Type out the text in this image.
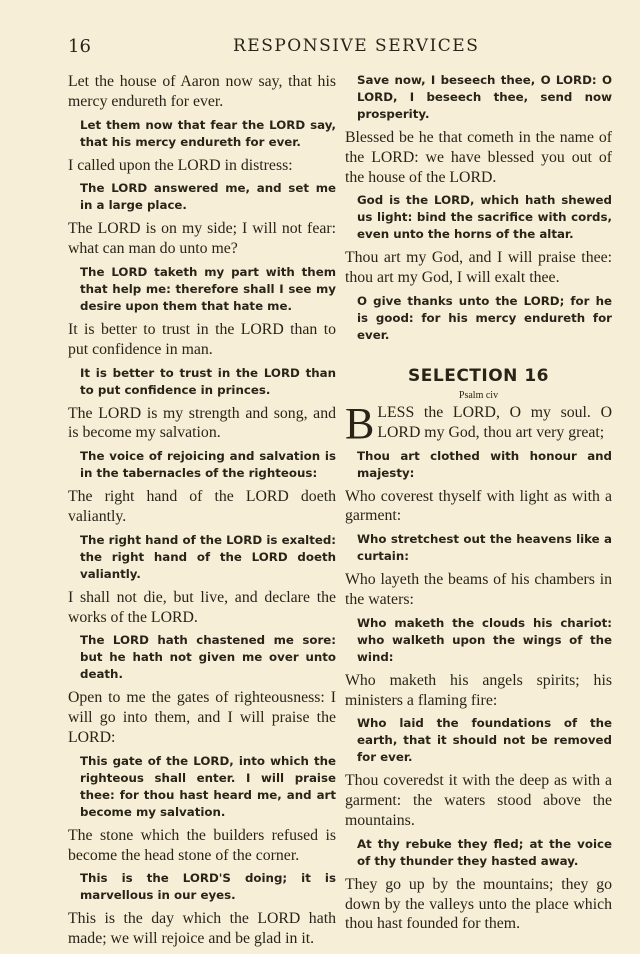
16	RESPONSIVE SERVICES

Let the house of Aaron now say, that his mercy endureth for ever.

Let them now that fear the LORD say, that his mercy endureth for ever.

I called upon the LORD in distress:

The LORD answered me, and set me in a large place.

The LORD is on my side; I will not fear: what can man do unto me?

The LORD taketh my part with them that help me: therefore shall I see my desire upon them that hate me.

It is better to trust in the LORD than to put confidence in man.

It is better to trust in the LORD than to put confidence in princes.

The LORD is my strength and song, and is become my salvation.

The voice of rejoicing and salvation is in the tabernacles of the righteous:

The right hand of the LORD doeth valiantly.

The right hand of the LORD is exalted: the right hand of the LORD doeth valiantly.

I shall not die, but live, and declare the works of the LORD.

The LORD hath chastened me sore: but he hath not given me over unto death.

Open to me the gates of righteousness: I will go into them, and I will praise the LORD:

This gate of the LORD, into which the righteous shall enter. I will praise thee: for thou hast heard me, and art become my salvation.

The stone which the builders refused is become the head stone of the corner.

This is the LORD'S doing; it is marvellous in our eyes.

This is the day which the LORD hath made; we will rejoice and be glad in it.

Save now, I beseech thee, O LORD: O LORD, I beseech thee, send now prosperity.

Blessed be he that cometh in the name of the LORD: we have blessed you out of the house of the LORD.

God is the LORD, which hath shewed us light: bind the sacrifice with cords, even unto the horns of the altar.

Thou art my God, and I will praise thee: thou art my God, I will exalt thee.

O give thanks unto the LORD; for he is good: for his mercy endureth for ever.

SELECTION 16

Psalm civ

BLESS the LORD, O my soul. O LORD my God, thou art very great;

Thou art clothed with honour and majesty:

Who coverest thyself with light as with a garment:

Who stretchest out the heavens like a curtain:

Who layeth the beams of his chambers in the waters:

Who maketh the clouds his chariot: who walketh upon the wings of the wind:

Who maketh his angels spirits; his ministers a flaming fire:

Who laid the foundations of the earth, that it should not be removed for ever.

Thou coveredst it with the deep as with a garment: the waters stood above the mountains.

At thy rebuke they fled; at the voice of thy thunder they hasted away.

They go up by the mountains; they go down by the valleys unto the place which thou hast founded for them.
